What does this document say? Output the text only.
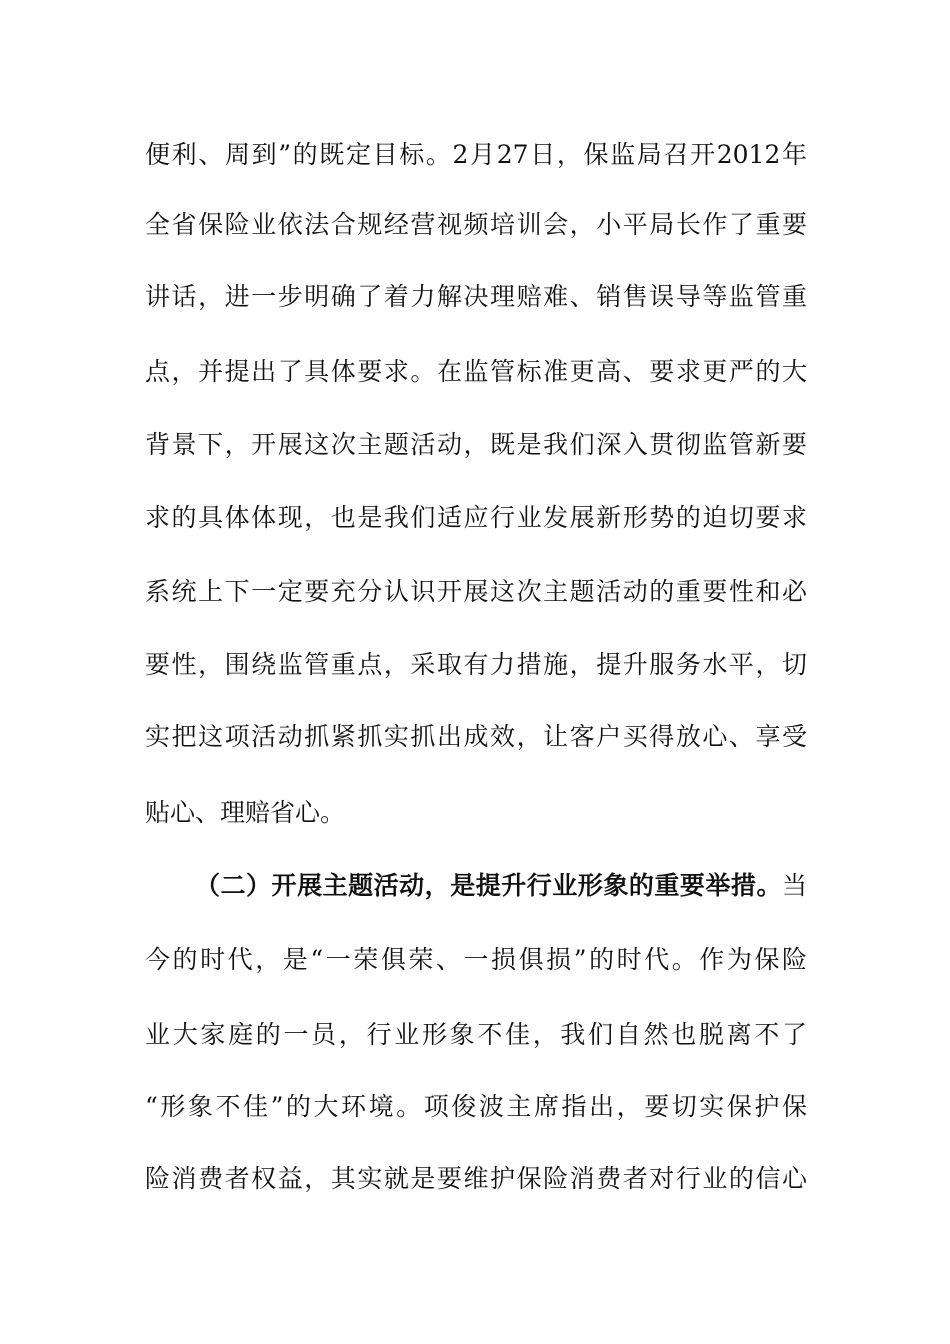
便利、周到”的既定目标。2月27日，保监局召开2012年
全省保险业依法合规经营视频培训会，小平局长作了重要
讲话，进一步明确了着力解决理赔难、销售误导等监管重
点，并提出了具体要求。在监管标准更高、要求更严的大
背景下，开展这次主题活动，既是我们深入贯彻监管新要
求的具体体现，也是我们适应行业发展新形势的迫切要求
系统上下一定要充分认识开展这次主题活动的重要性和必
要性，围绕监管重点，采取有力措施，提升服务水平，切
实把这项活动抓紧抓实抓出成效，让客户买得放心、享受
贴心、理赔省心。
（二）开展主题活动，是提升行业形象的重要举措。当
今的时代，是“一荣俱荣、一损俱损”的时代。作为保险
业大家庭的一员，行业形象不佳，我们自然也脱离不了
“形象不佳”的大环境。项俊波主席指出，要切实保护保
险消费者权益，其实就是要维护保险消费者对行业的信心
